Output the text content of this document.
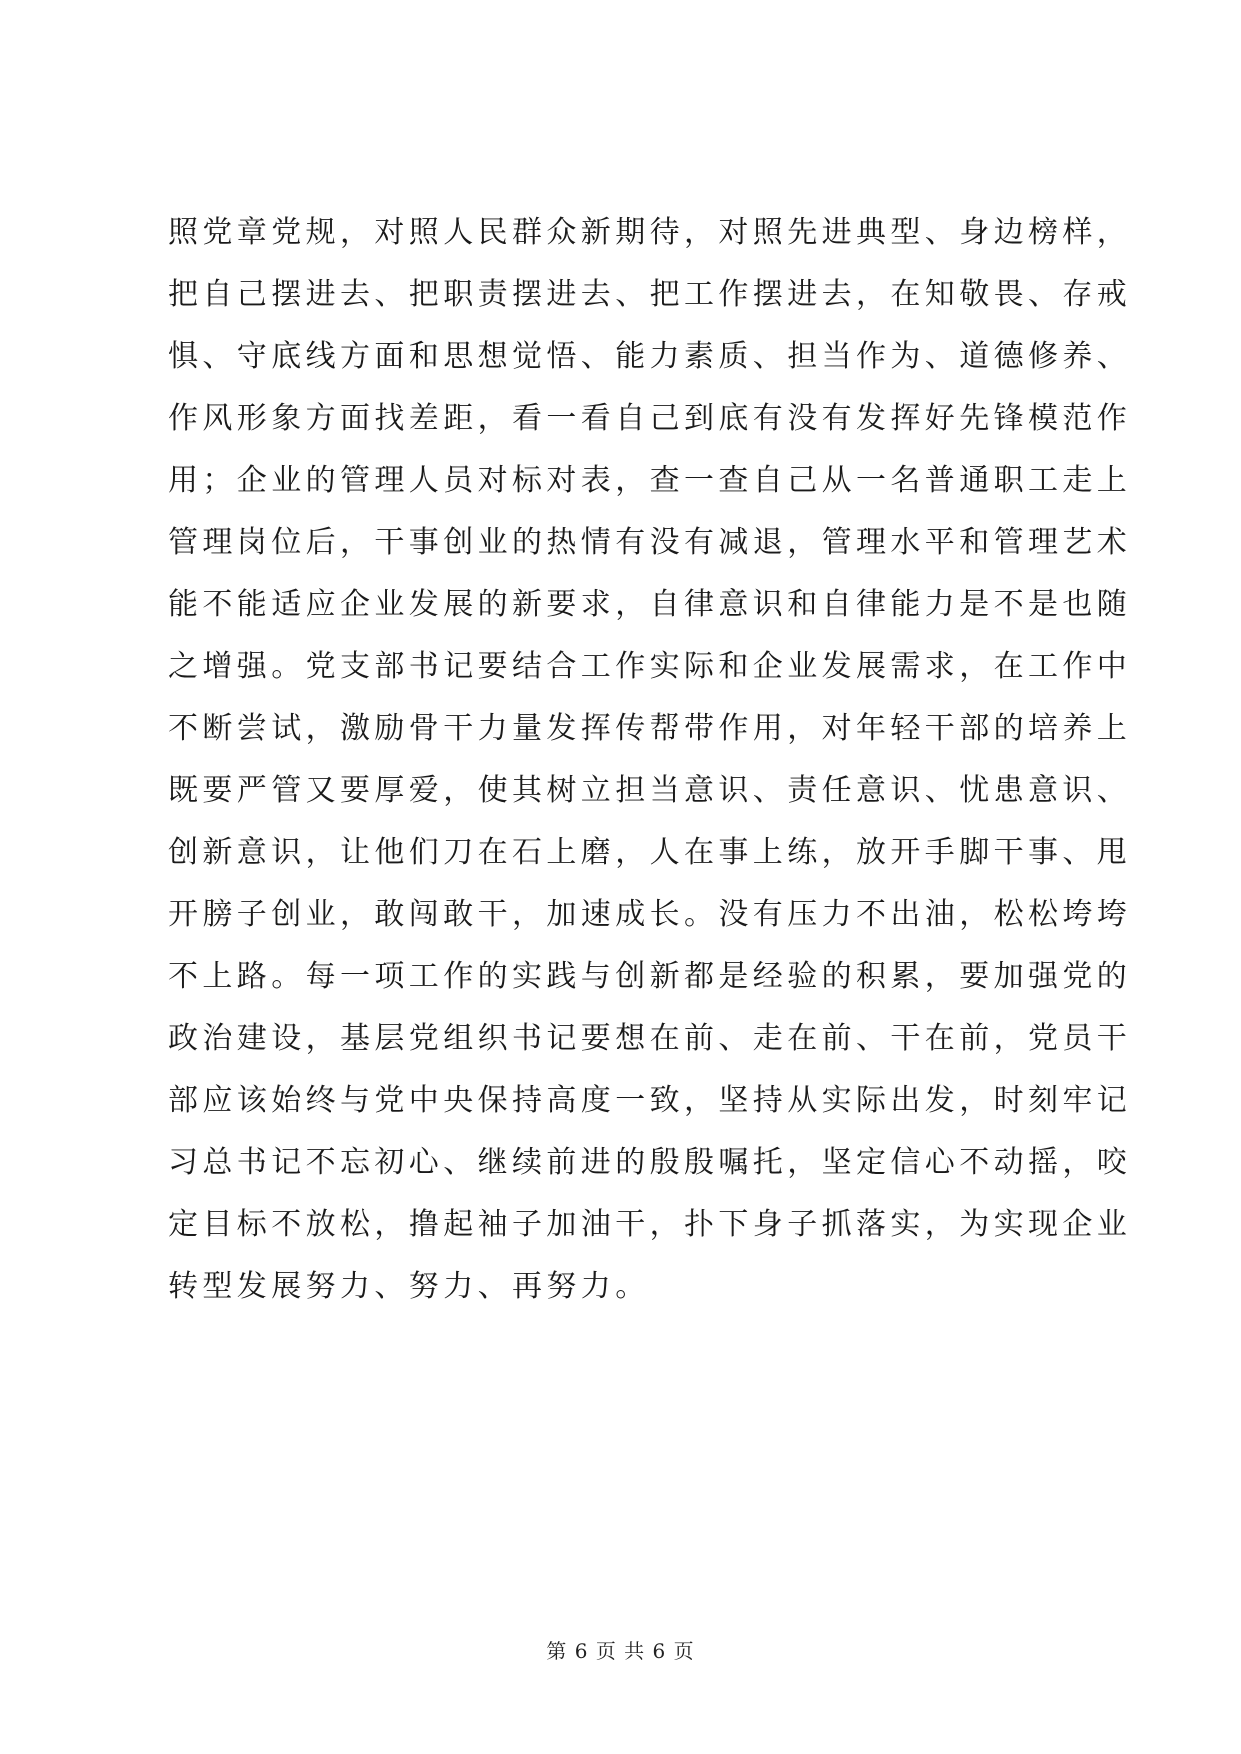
照党章党规，对照人民群众新期待，对照先进典型、身边榜样，
把自己摆进去、把职责摆进去、把工作摆进去，在知敬畏、存戒
惧、守底线方面和思想觉悟、能力素质、担当作为、道德修养、
作风形象方面找差距，看一看自己到底有没有发挥好先锋模范作
用；企业的管理人员对标对表，查一查自己从一名普通职工走上
管理岗位后，干事创业的热情有没有减退，管理水平和管理艺术
能不能适应企业发展的新要求，自律意识和自律能力是不是也随
之增强。党支部书记要结合工作实际和企业发展需求，在工作中
不断尝试，激励骨干力量发挥传帮带作用，对年轻干部的培养上
既要严管又要厚爱，使其树立担当意识、责任意识、忧患意识、
创新意识，让他们刀在石上磨，人在事上练，放开手脚干事、甩
开膀子创业，敢闯敢干，加速成长。没有压力不出油，松松垮垮
不上路。每一项工作的实践与创新都是经验的积累，要加强党的
政治建设，基层党组织书记要想在前、走在前、干在前，党员干
部应该始终与党中央保持高度一致，坚持从实际出发，时刻牢记
习总书记不忘初心、继续前进的殷殷嘱托，坚定信心不动摇，咬
定目标不放松，撸起袖子加油干，扑下身子抓落实，为实现企业
转型发展努力、努力、再努力。
第 6 页 共 6 页
